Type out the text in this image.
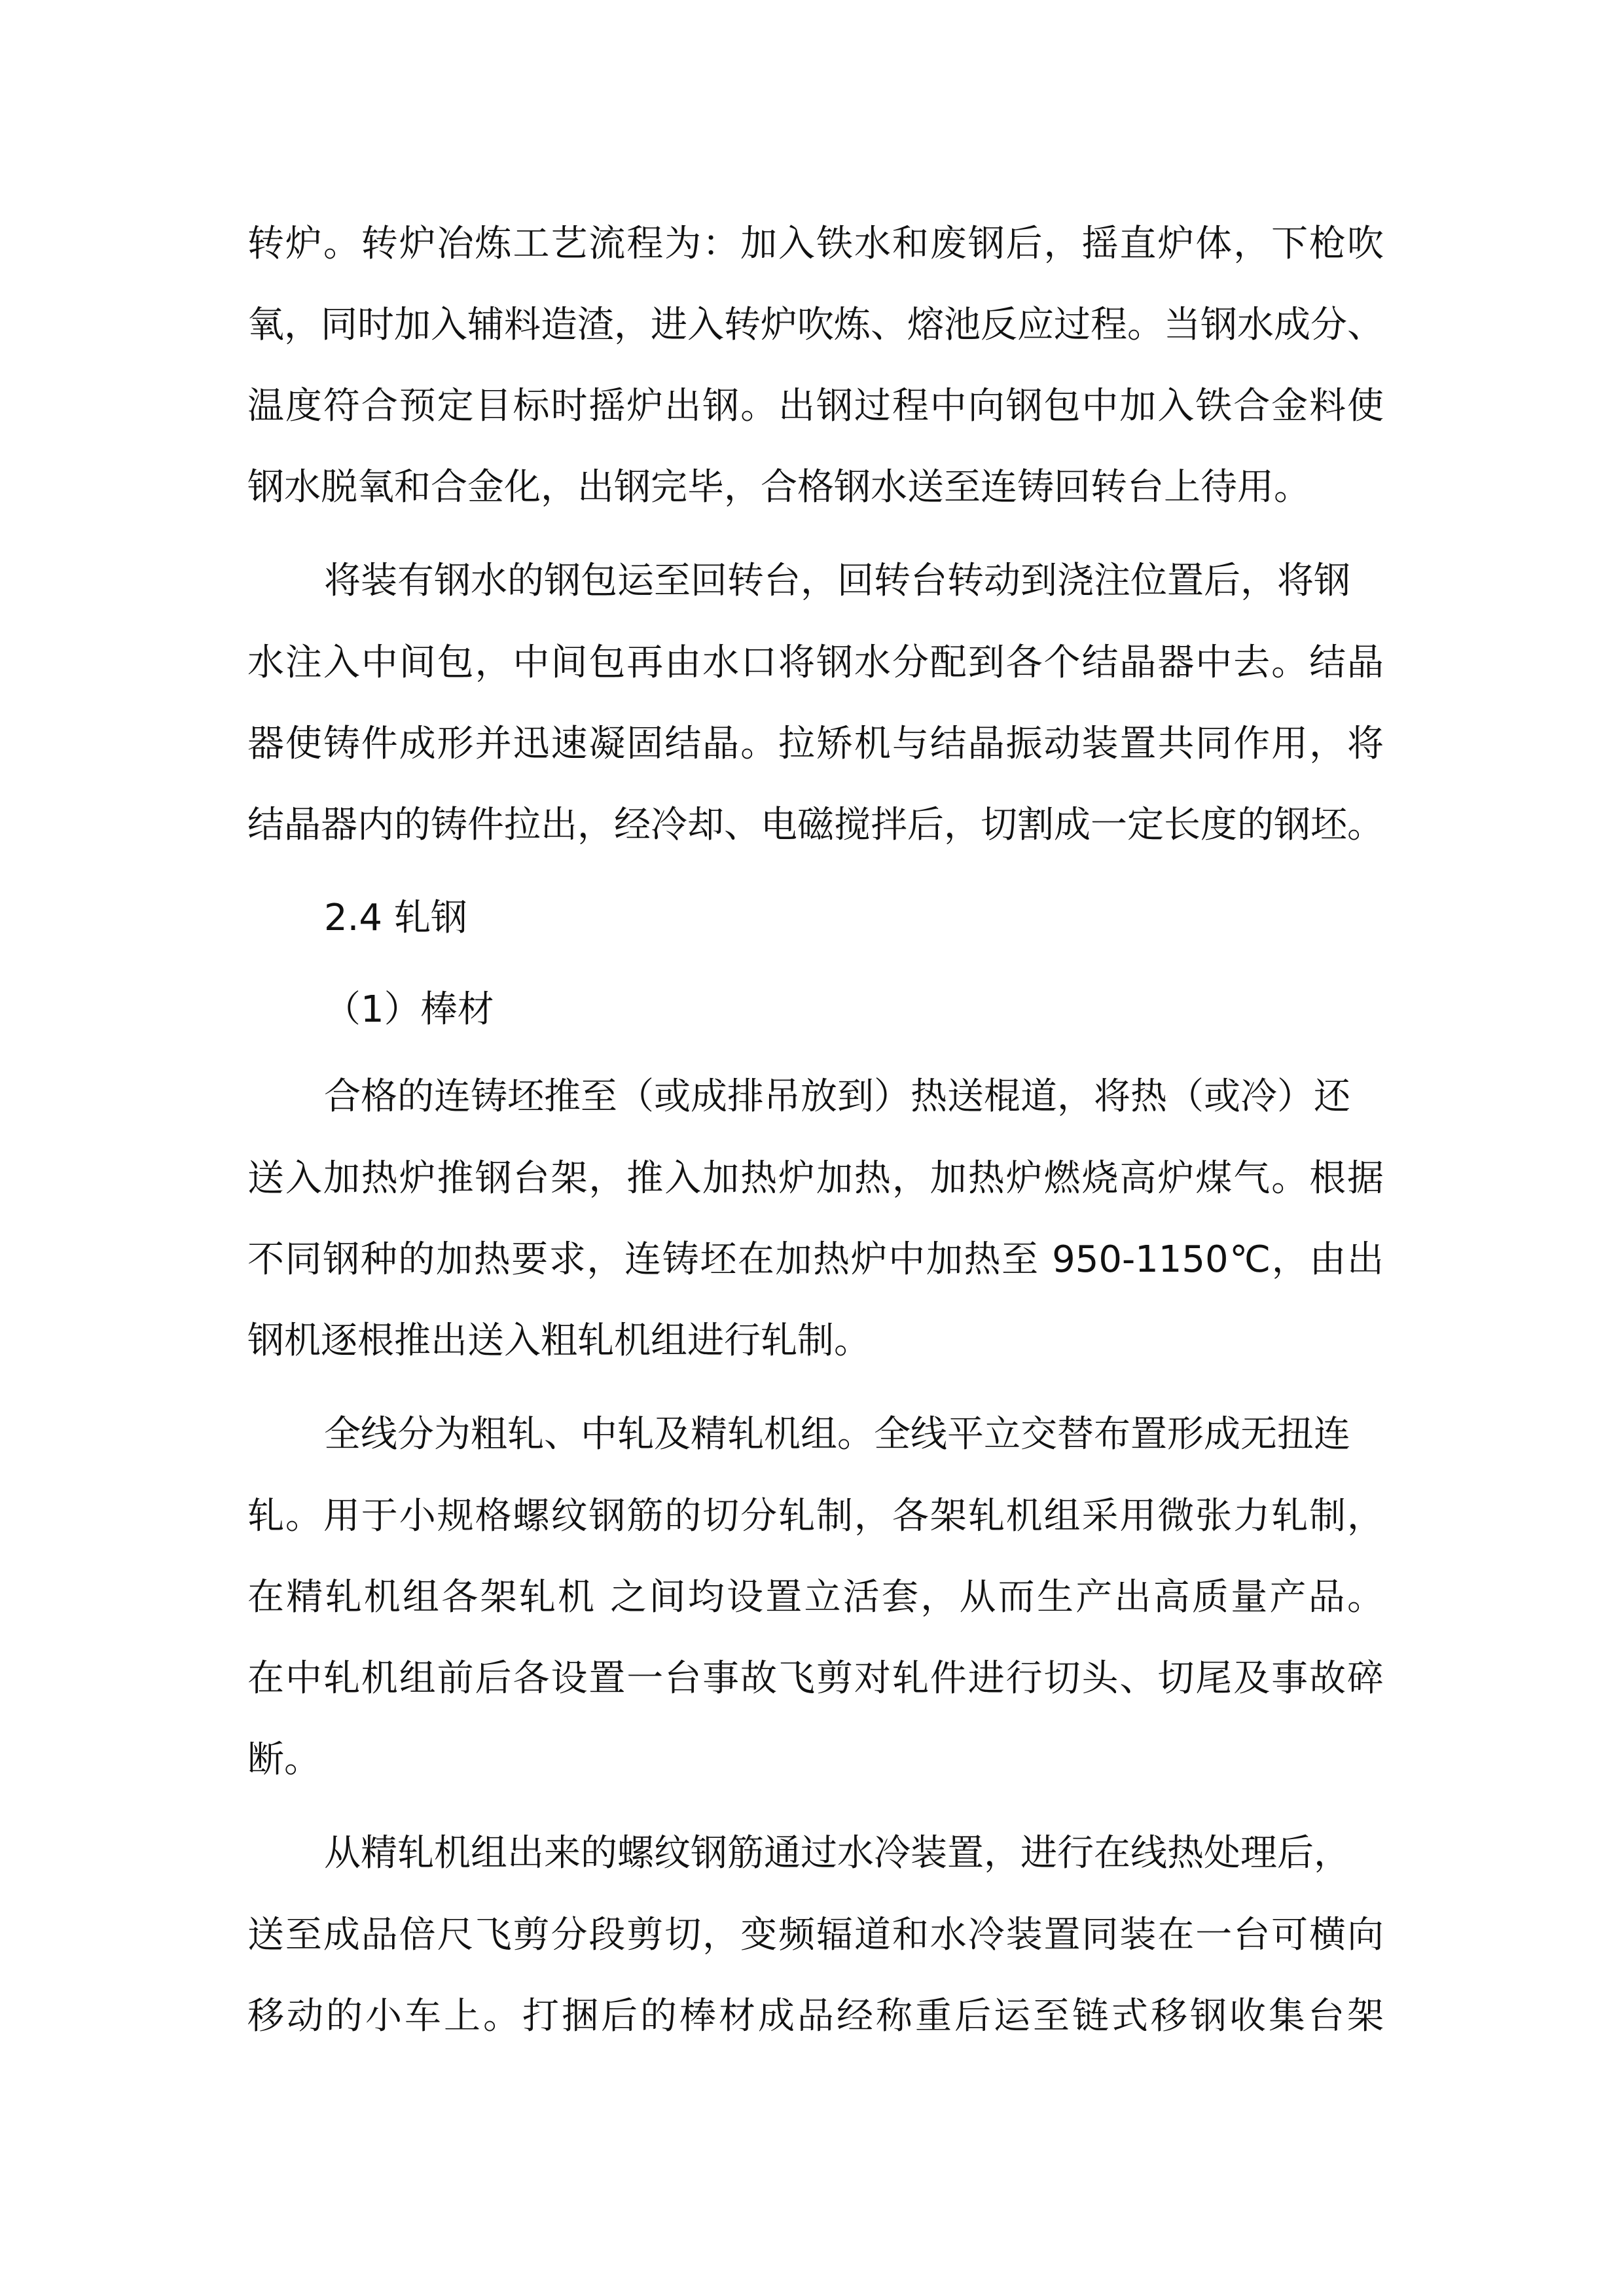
转炉。转炉冶炼工艺流程为：加入铁水和废钢后，摇直炉体，下枪吹

氧，同时加入辅料造渣，进入转炉吹炼、熔池反应过程。当钢水成分、

温度符合预定目标时摇炉出钢。出钢过程中向钢包中加入铁合金料使

钢水脱氧和合金化，出钢完毕，合格钢水送至连铸回转台上待用。

将装有钢水的钢包运至回转台，回转台转动到浇注位置后，将钢

水注入中间包，中间包再由水口将钢水分配到各个结晶器中去。结晶

器使铸件成形并迅速凝固结晶。拉矫机与结晶振动装置共同作用，将

结晶器内的铸件拉出，经冷却、电磁搅拌后，切割成一定长度的钢坯。

2.4 轧钢

（1）棒材

合格的连铸坯推至（或成排吊放到）热送棍道，将热（或冷）还

送入加热炉推钢台架，推入加热炉加热，加热炉燃烧高炉煤气。根据

不同钢种的加热要求，连铸坯在加热炉中加热至 950-1150℃，由出

钢机逐根推出送入粗轧机组进行轧制。

全线分为粗轧、中轧及精轧机组。全线平立交替布置形成无扭连

轧。用于小规格螺纹钢筋的切分轧制，各架轧机组采用微张力轧制，

在精轧机组各架轧机 之间均设置立活套，从而生产出高质量产品。

在中轧机组前后各设置一台事故飞剪对轧件进行切头、切尾及事故碎

断。

从精轧机组出来的螺纹钢筋通过水冷装置，进行在线热处理后，

送至成品倍尺飞剪分段剪切，变频辐道和水冷装置同装在一台可横向

移动的小车上。打捆后的棒材成品经称重后运至链式移钢收集台架
